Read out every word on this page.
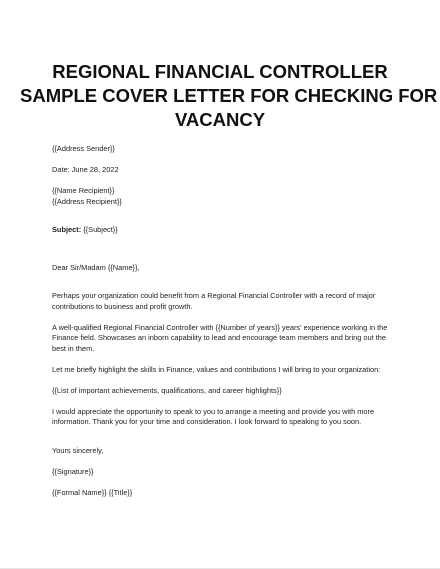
REGIONAL FINANCIAL CONTROLLER
SAMPLE COVER LETTER FOR CHECKING FOR
VACANCY

{{Address Sender}}

Date: June 28, 2022

{{Name Recipient}}

{{Address Recipient}}

Subject: {{Subject}}

Dear Sir/Madam {{Name}},

Perhaps your organization could benefit from a Regional Financial Controller with a record of major contributions to business and profit growth.

A well-qualified Regional Financial Controller with {{Number of years}} years' experience working in the Finance field. Showcases an inborn capability to lead and encourage team members and bring out the best in them.

Let me briefly highlight the skills in Finance, values and contributions I will bring to your organization:

{{List of important achievements, qualifications, and career highlights}}

I would appreciate the opportunity to speak to you to arrange a meeting and provide you with more information. Thank you for your time and consideration. I look forward to speaking to you soon.

Yours sincerely,

{{Signature}}

{{Formal Name}} {{Title}}
